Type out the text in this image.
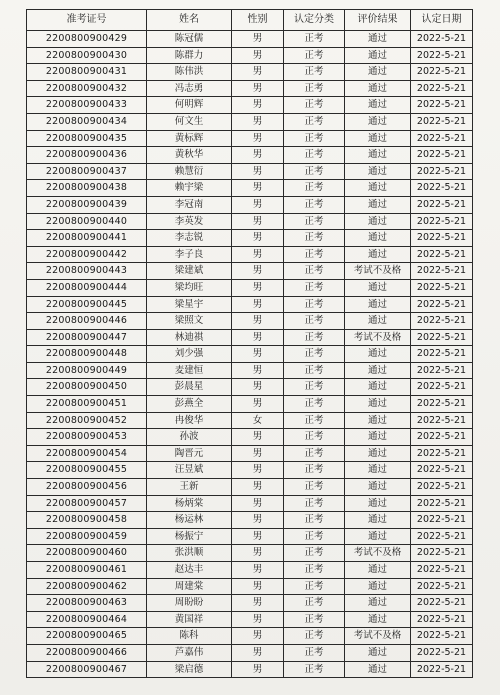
准考证号	姓名	性别	认定分类	评价结果	认定日期
2200800900429	陈冠儒	男	正考	通过	2022-5-21
2200800900430	陈群力	男	正考	通过	2022-5-21
2200800900431	陈伟洪	男	正考	通过	2022-5-21
2200800900432	冯志勇	男	正考	通过	2022-5-21
2200800900433	何明辉	男	正考	通过	2022-5-21
2200800900434	何文生	男	正考	通过	2022-5-21
2200800900435	黄标辉	男	正考	通过	2022-5-21
2200800900436	黄秋华	男	正考	通过	2022-5-21
2200800900437	赖慧衍	男	正考	通过	2022-5-21
2200800900438	赖宇梁	男	正考	通过	2022-5-21
2200800900439	李冠南	男	正考	通过	2022-5-21
2200800900440	李英发	男	正考	通过	2022-5-21
2200800900441	李志锐	男	正考	通过	2022-5-21
2200800900442	李子良	男	正考	通过	2022-5-21
2200800900443	梁建斌	男	正考	考试不及格	2022-5-21
2200800900444	梁均旺	男	正考	通过	2022-5-21
2200800900445	梁星宇	男	正考	通过	2022-5-21
2200800900446	梁照文	男	正考	通过	2022-5-21
2200800900447	林迪祺	男	正考	考试不及格	2022-5-21
2200800900448	刘少强	男	正考	通过	2022-5-21
2200800900449	麦建恒	男	正考	通过	2022-5-21
2200800900450	彭晨星	男	正考	通过	2022-5-21
2200800900451	彭燕全	男	正考	通过	2022-5-21
2200800900452	冉俊华	女	正考	通过	2022-5-21
2200800900453	孙波	男	正考	通过	2022-5-21
2200800900454	陶晋元	男	正考	通过	2022-5-21
2200800900455	汪昱斌	男	正考	通过	2022-5-21
2200800900456	王新	男	正考	通过	2022-5-21
2200800900457	杨炳棠	男	正考	通过	2022-5-21
2200800900458	杨运林	男	正考	通过	2022-5-21
2200800900459	杨振宁	男	正考	通过	2022-5-21
2200800900460	张洪顺	男	正考	考试不及格	2022-5-21
2200800900461	赵达丰	男	正考	通过	2022-5-21
2200800900462	周建棠	男	正考	通过	2022-5-21
2200800900463	周盼盼	男	正考	通过	2022-5-21
2200800900464	黄国祥	男	正考	通过	2022-5-21
2200800900465	陈科	男	正考	考试不及格	2022-5-21
2200800900466	芦嘉伟	男	正考	通过	2022-5-21
2200800900467	梁启德	男	正考	通过	2022-5-21
